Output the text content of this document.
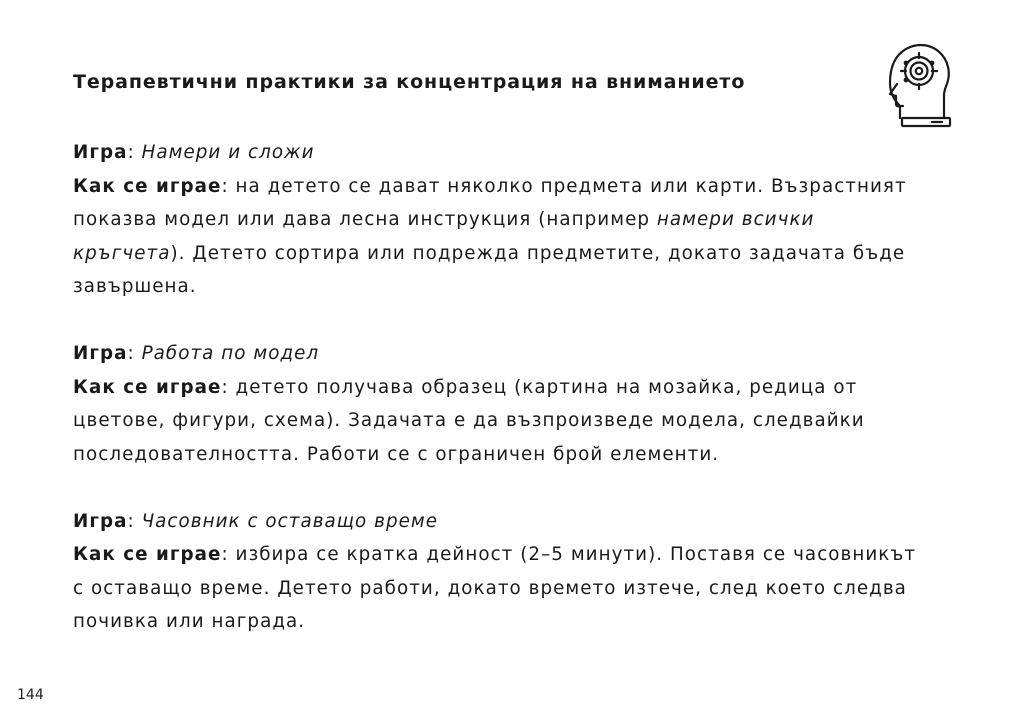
Терапевтични практики за концентрация на вниманието
Игра: Намери и сложи
Как се играе: на детето се дават няколко предмета или карти. Възрастният
показва модел или дава лесна инструкция (например намери всички
кръгчета). Детето сортира или подрежда предметите, докато задачата бъде
завършена.
Игра: Работа по модел
Как се играе: детето получава образец (картина на мозайка, редица от
цветове, фигури, схема). Задачата е да възпроизведе модела, следвайки
последователността. Работи се с ограничен брой елементи.
Игра: Часовник с оставащо време
Как се играе: избира се кратка дейност (2–5 минути). Поставя се часовникът
с оставащо време. Детето работи, докато времето изтече, след което следва
почивка или награда.
144
